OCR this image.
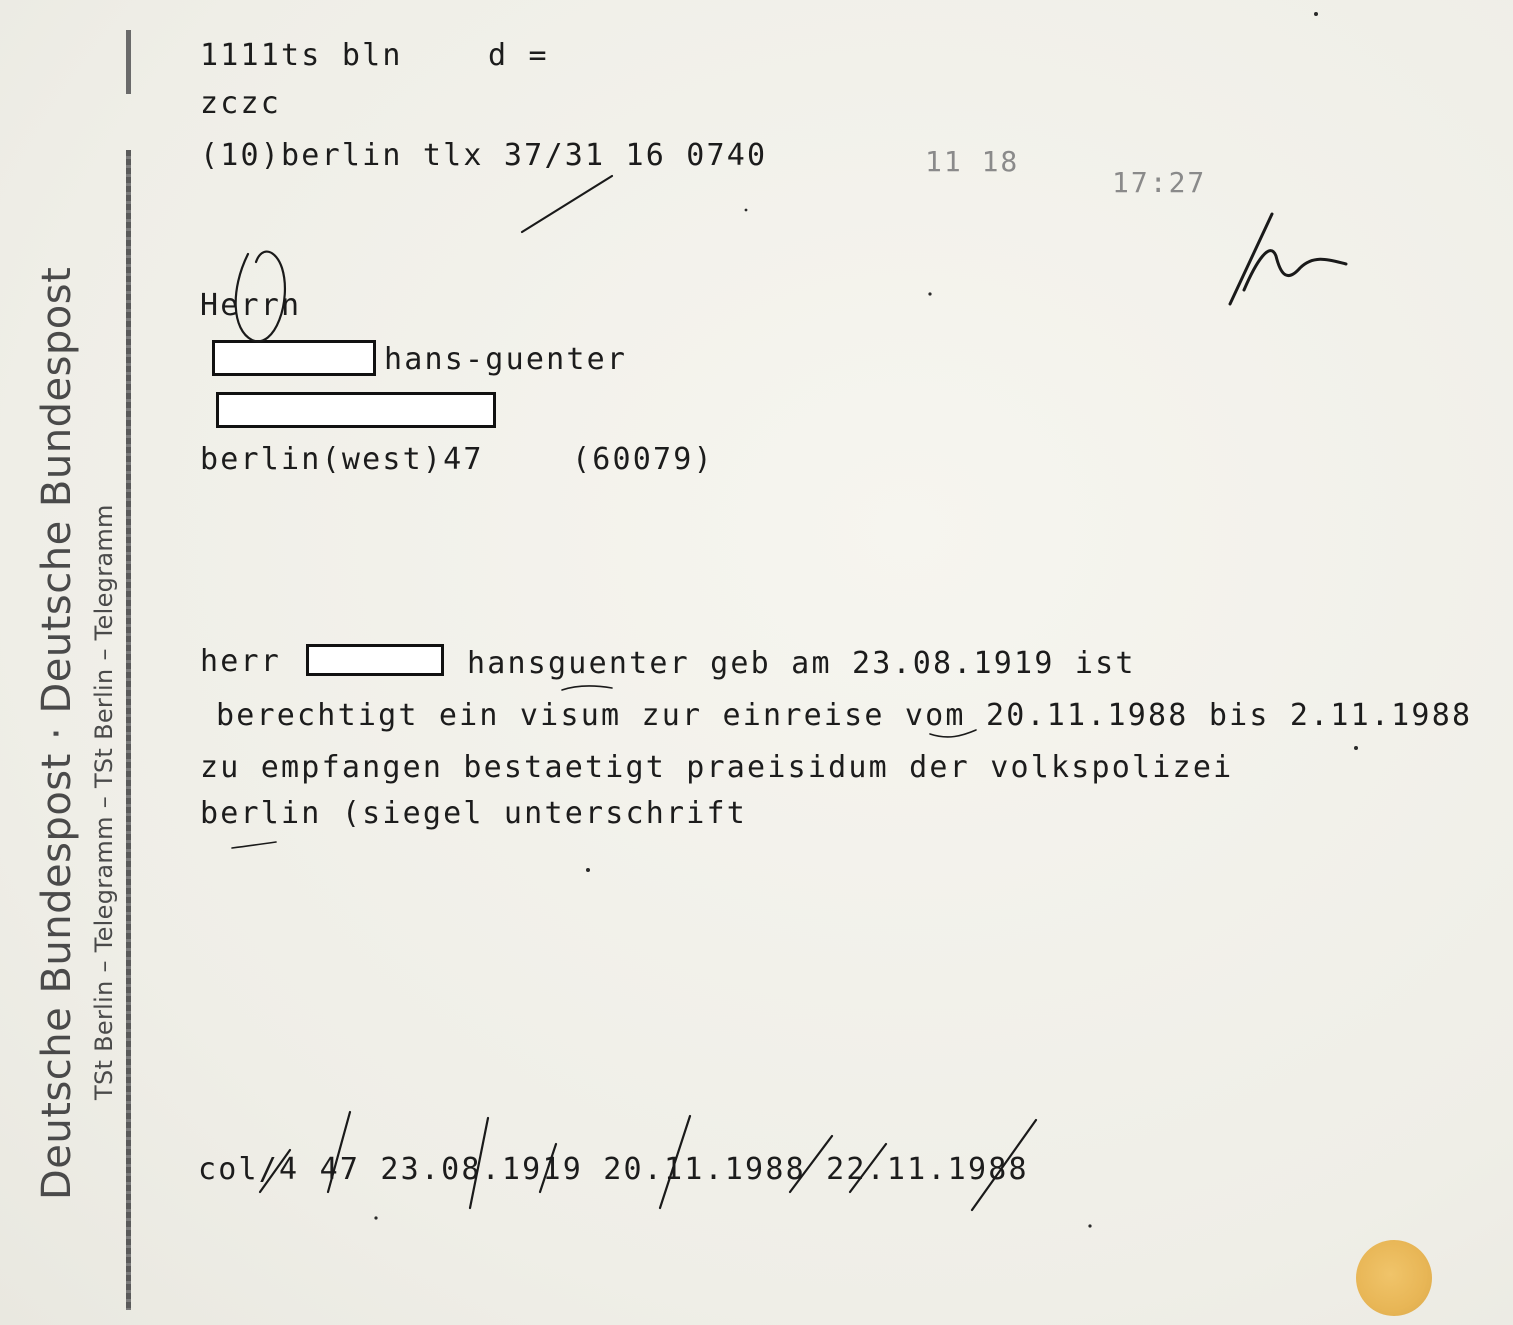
Deutsche Bundespost · Deutsche Bundespost TSt Berlin – Telegramm – TSt Berlin – Telegramm
1111ts bln	d =
zczc
(10)berlin tlx 37/31 16 0740	11 18
17:27
Herrn
hans-guenter
berlin(west)47	(60079)
herr	hansguenter geb am 23.08.1919 ist
berechtigt ein visum zur einreise vom 20.11.1988 bis 2.11.1988
zu empfangen bestaetigt praeisidum der volkspolizei
berlin (siegel unterschrift
col/4 47 23.08.1919 20.11.1988 22.11.1988
